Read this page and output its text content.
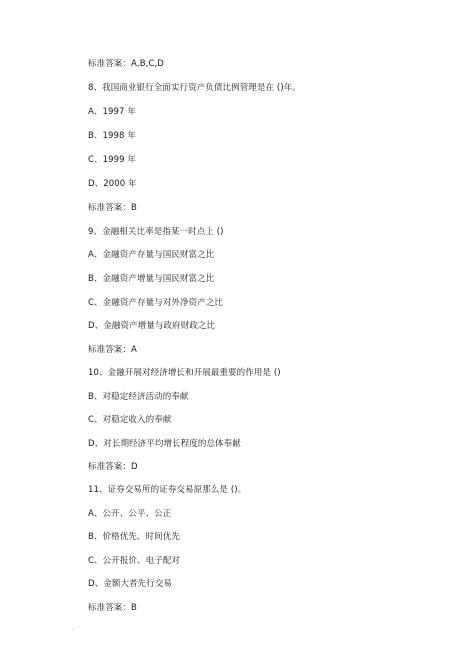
标准答案：A,B,C,D
8、我国商业银行全面实行资产负债比例管理是在 ()年。
A、1997 年
B、1998 年
C、1999 年
D、2000 年
标准答案：B
9、金融相关比率是指某一时点上 ()
A、金融资产存量与国民财富之比
B、金融资产增量与国民财富之比
C、金融资产存量与对外净资产之比
D、金融资产增量与政府财政之比
标准答案：A
10、金融开展对经济增长和开展最重要的作用是 ()
B、对稳定经济活动的奉献
C、对稳定收入的奉献
D、对长期经济平均增长程度的总体奉献
标准答案：D
11、证券交易所的证券交易原那么是 ()。
A、公开、公平、公正
B、价格优先、时间优先
C、公开报价、电子配对
D、金额大者先行交易
标准答案：B
‥ ·
